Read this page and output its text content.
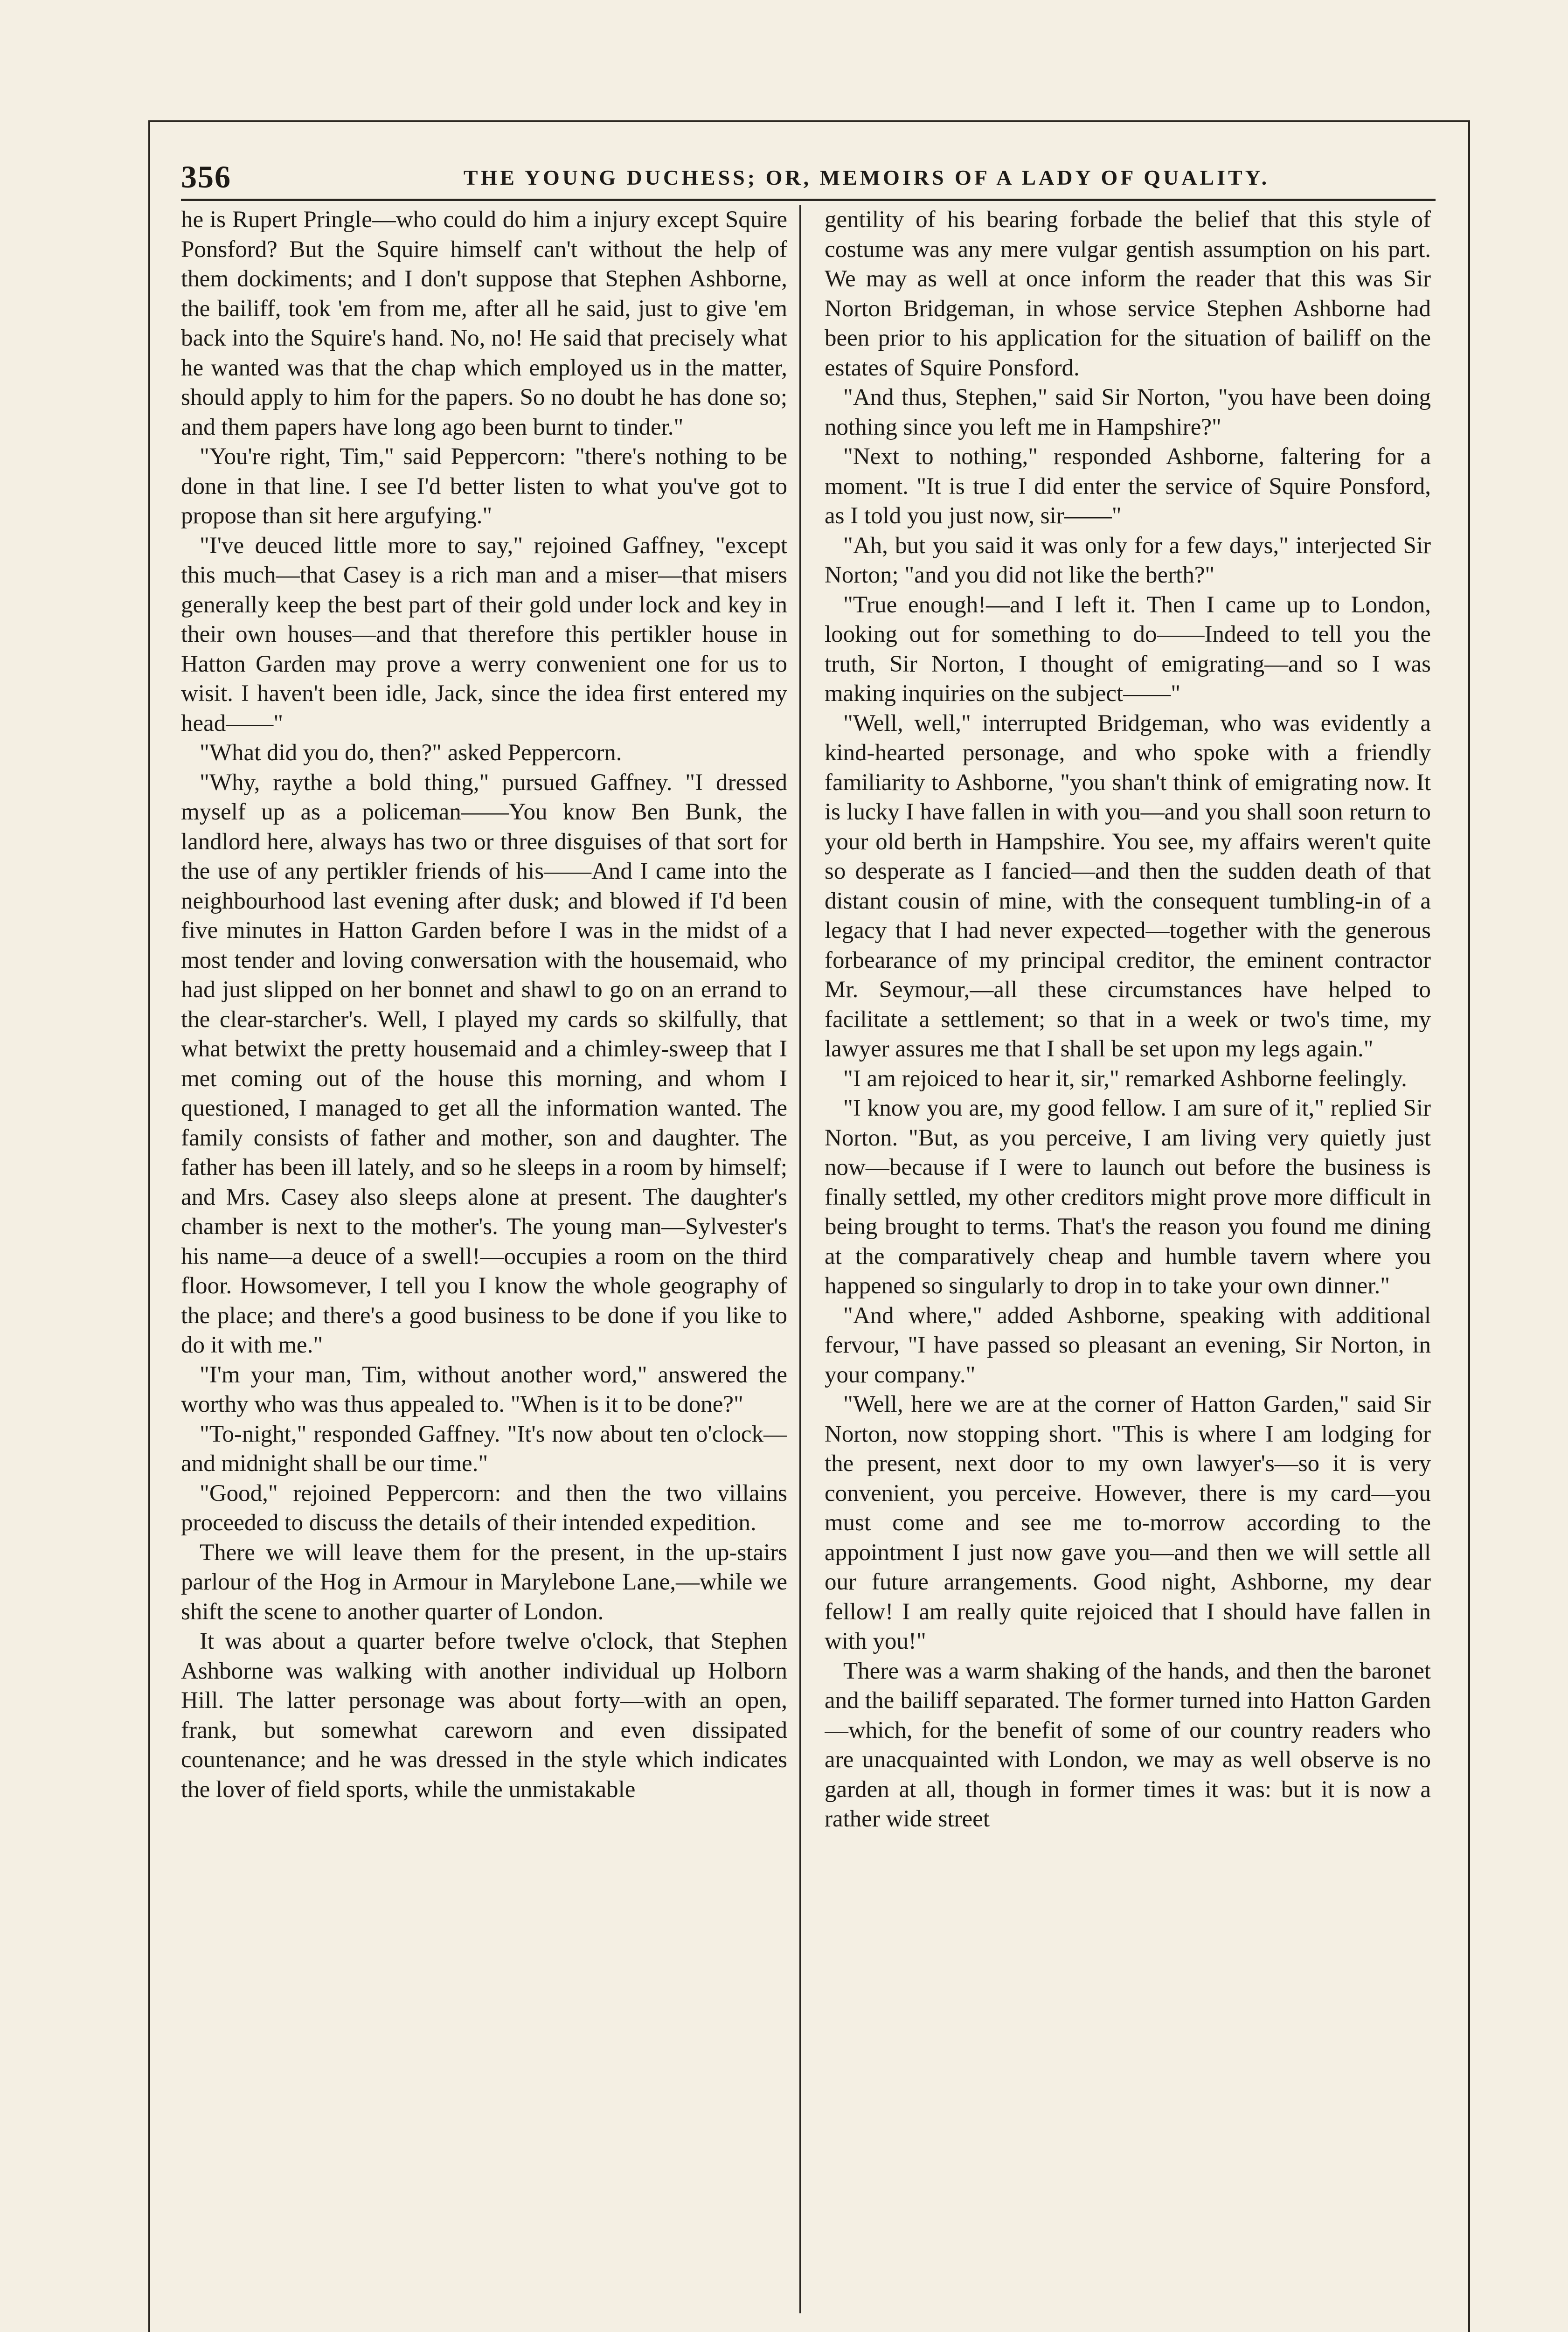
356	THE YOUNG DUCHESS; OR, MEMOIRS OF A LADY OF QUALITY.

he is Rupert Pringle—who could do him a injury except Squire Ponsford? But the Squire himself can't without the help of them dockiments; and I don't suppose that Stephen Ashborne, the bailiff, took 'em from me, after all he said, just to give 'em back into the Squire's hand. No, no! He said that precisely what he wanted was that the chap which employed us in the matter, should apply to him for the papers. So no doubt he has done so; and them papers have long ago been burnt to tinder."

"You're right, Tim," said Peppercorn: "there's nothing to be done in that line. I see I'd better listen to what you've got to propose than sit here argufying."

"I've deuced little more to say," rejoined Gaffney, "except this much—that Casey is a rich man and a miser—that misers generally keep the best part of their gold under lock and key in their own houses—and that therefore this pertikler house in Hatton Garden may prove a werry conwenient one for us to wisit. I haven't been idle, Jack, since the idea first entered my head——"

"What did you do, then?" asked Peppercorn.

"Why, raythe a bold thing," pursued Gaffney. "I dressed myself up as a policeman——You know Ben Bunk, the landlord here, always has two or three disguises of that sort for the use of any pertikler friends of his——And I came into the neighbourhood last evening after dusk; and blowed if I'd been five minutes in Hatton Garden before I was in the midst of a most tender and loving conwersation with the housemaid, who had just slipped on her bonnet and shawl to go on an errand to the clear-starcher's. Well, I played my cards so skilfully, that what betwixt the pretty housemaid and a chimley-sweep that I met coming out of the house this morning, and whom I questioned, I managed to get all the information wanted. The family consists of father and mother, son and daughter. The father has been ill lately, and so he sleeps in a room by himself; and Mrs. Casey also sleeps alone at present. The daughter's chamber is next to the mother's. The young man—Sylvester's his name—a deuce of a swell!—occupies a room on the third floor. Howsomever, I tell you I know the whole geography of the place; and there's a good business to be done if you like to do it with me."

"I'm your man, Tim, without another word," answered the worthy who was thus appealed to. "When is it to be done?"

"To-night," responded Gaffney. "It's now about ten o'clock—and midnight shall be our time."

"Good," rejoined Peppercorn: and then the two villains proceeded to discuss the details of their intended expedition.

There we will leave them for the present, in the up-stairs parlour of the Hog in Armour in Marylebone Lane,—while we shift the scene to another quarter of London.

It was about a quarter before twelve o'clock, that Stephen Ashborne was walking with another individual up Holborn Hill. The latter personage was about forty—with an open, frank, but somewhat careworn and even dissipated countenance; and he was dressed in the style which indicates the lover of field sports, while the unmistakable

gentility of his bearing forbade the belief that this style of costume was any mere vulgar gentish assumption on his part. We may as well at once inform the reader that this was Sir Norton Bridgeman, in whose service Stephen Ashborne had been prior to his application for the situation of bailiff on the estates of Squire Ponsford.

"And thus, Stephen," said Sir Norton, "you have been doing nothing since you left me in Hampshire?"

"Next to nothing," responded Ashborne, faltering for a moment. "It is true I did enter the service of Squire Ponsford, as I told you just now, sir——"

"Ah, but you said it was only for a few days," interjected Sir Norton; "and you did not like the berth?"

"True enough!—and I left it. Then I came up to London, looking out for something to do——Indeed to tell you the truth, Sir Norton, I thought of emigrating—and so I was making inquiries on the subject——"

"Well, well," interrupted Bridgeman, who was evidently a kind-hearted personage, and who spoke with a friendly familiarity to Ashborne, "you shan't think of emigrating now. It is lucky I have fallen in with you—and you shall soon return to your old berth in Hampshire. You see, my affairs weren't quite so desperate as I fancied—and then the sudden death of that distant cousin of mine, with the consequent tumbling-in of a legacy that I had never expected—together with the generous forbearance of my principal creditor, the eminent contractor Mr. Seymour,—all these circumstances have helped to facilitate a settlement; so that in a week or two's time, my lawyer assures me that I shall be set upon my legs again."

"I am rejoiced to hear it, sir," remarked Ashborne feelingly.

"I know you are, my good fellow. I am sure of it," replied Sir Norton. "But, as you perceive, I am living very quietly just now—because if I were to launch out before the business is finally settled, my other creditors might prove more difficult in being brought to terms. That's the reason you found me dining at the comparatively cheap and humble tavern where you happened so singularly to drop in to take your own dinner."

"And where," added Ashborne, speaking with additional fervour, "I have passed so pleasant an evening, Sir Norton, in your company."

"Well, here we are at the corner of Hatton Garden," said Sir Norton, now stopping short. "This is where I am lodging for the present, next door to my own lawyer's—so it is very convenient, you perceive. However, there is my card—you must come and see me to-morrow according to the appointment I just now gave you—and then we will settle all our future arrangements. Good night, Ashborne, my dear fellow! I am really quite rejoiced that I should have fallen in with you!"

There was a warm shaking of the hands, and then the baronet and the bailiff separated. The former turned into Hatton Garden—which, for the benefit of some of our country readers who are unacquainted with London, we may as well observe is no garden at all, though in former times it was: but it is now a rather wide street
